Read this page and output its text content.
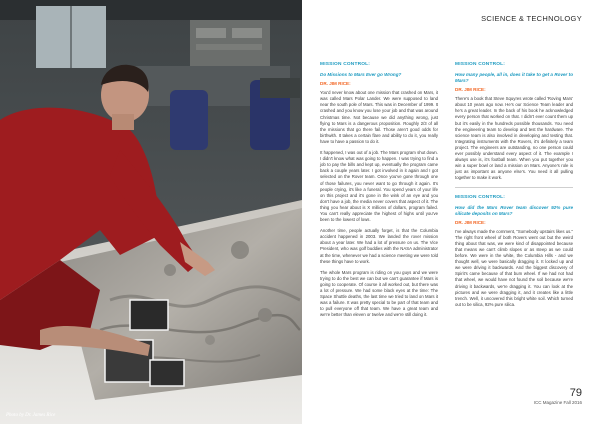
Photo by Dr. James Rice
SCIENCE & TECHNOLOGY
MISSION CONTROL:
Do Missions to Mars Ever go Wrong?
DR. JIM RICE:

You'd never know about one mission that crashed on Mars, it was called Mars Polar Lander. We were supposed to land near the south pole of Mars. This was in December of 1999. It crashed and you know you lose your job and that was around Christmas time. Not because we did anything wrong, just flying to Mars is a dangerous proposition. Roughly 2/3 of all the missions that go there fail. Those aren't good odds for birthwith. It takes a certain flare and ability to do it, you really have to have a passion to do it.

It happened, I was out of a job. The Mars program shut down. I didn't know what was going to happen. I was trying to find a job to pay the bills and kept up, eventually the program came back a couple years later. I got involved in it again and I got selected on the Rover team. Once you've gone through one of those failures, you never want to go through it again. It's people crying, it's like a funeral. You spend years of your life on this project and it's gone in the wink of an eye and you don't have a job, the media never covers that aspect of it. The thing you hear about is X millions of dollars, program failed. You can't really appreciate the highest of highs until you've been to the lowest of lows.

Another time, people actually forget, is that the Columbia accident happened in 2003. We landed the rover mission about a year later. We had a lot of pressure on us. The Vice President, who was golf buddies with the NASA administrator at the time, whenever we had a science meeting we were told these things have to work.

The whole Mars program is riding on you guys and we were trying to do the best we can but we can't guarantee if Mars is going to cooperate. Of course it all worked out, but there was a lot of pressure. We had some black eyes at the time: The Space Shuttle deaths, the last time we tried to land on Mars it was a failure. It was pretty special to be part of that team and to pull everyone off that team. We have a great team and we're better than eleven or twelve and we're still doing it.

MISSION CONTROL:
How many people, all in, does it take to get a Rover to Mars?
DR. JIM RICE:

There's a book that Steve Squyres wrote called 'Roving Mars' about 10 years ago now. He's our Science Team leader and he's a great leader. In the back of his book he acknowledged every person that worked on that. I didn't ever count them up but it's easily in the hundreds possible thousands. You need the engineering team to develop and test the hardware. The science team is also involved in developing and testing that. Integrating instruments with the Rovers, it's definitely a team project. The engineers are outstanding, no one person could ever possibly understand every aspect of it. The example I always use is, it's football team. When you put together you win a super bowl or land a mission on Mars. Anyone's role is just as important as anyone else's. You need it all pulling together to make it work.

MISSION CONTROL:
How did the Mars Rover team discover 92% pure silicate deposits on Mars?
DR. JIM RICE:

I've always made the comment, "Somebody upstairs likes us." The right front wheel of both Rovers went out but the weird thing about that was, we were kind of disappointed because that means we can't climb slopes or as steep as we could before. We were in the white, the Columbia Hills - and we thought well, we were basically dragging it. It locked up and we were driving it backwards. And the biggest discovery of Spirit's came because of that bum wheel. If we had not had that wheel, we would have not found the soil because we're driving it backwards, we're dragging it. You can look at the pictures and we were dragging it, and it creates like a little trench. Well, it uncovered this bright white soil. Which turned out to be silica, 92% pure silica.

79
ICC Magazine Fall 2016
